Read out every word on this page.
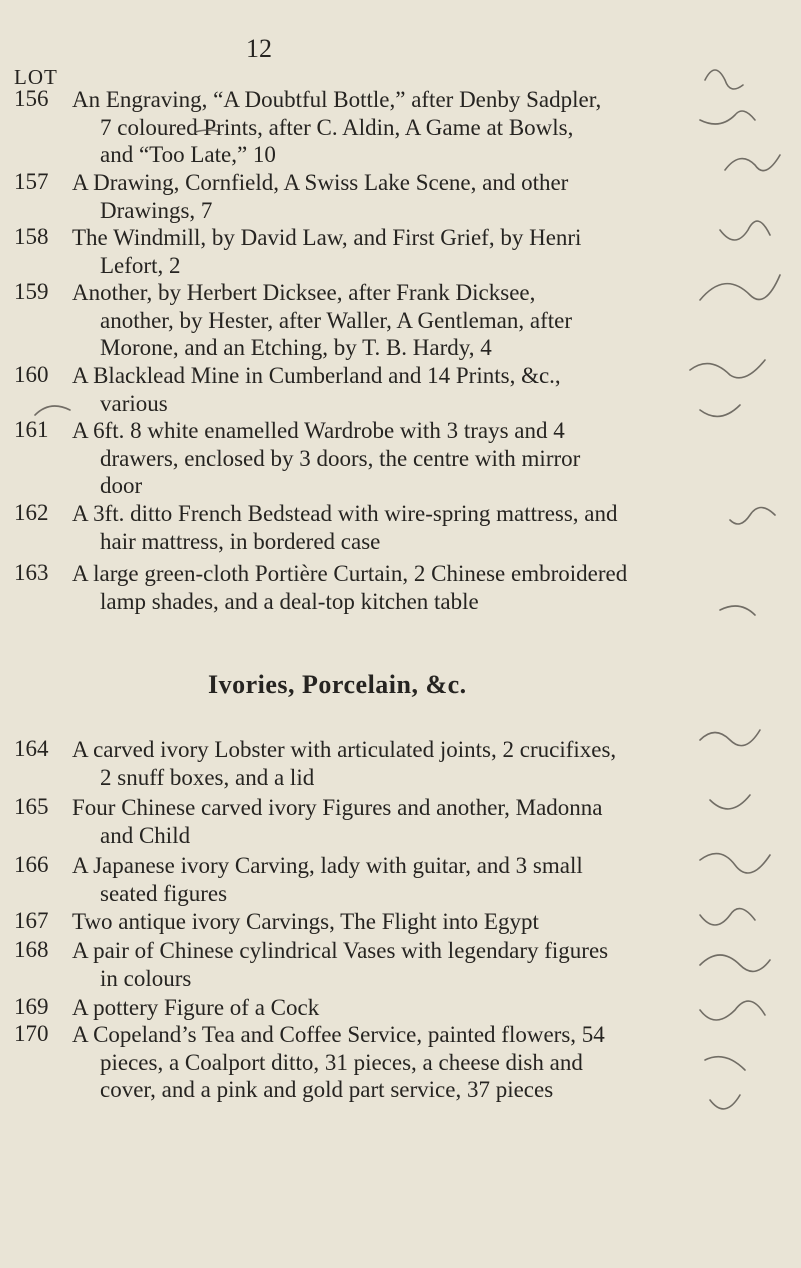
12
LOT
156 An Engraving, “A Doubtful Bottle,” after Denby Sadpler,
7 coloured Prints, after C. Aldin, A Game at Bowls,
and “Too Late,” 10

157 A Drawing, Cornfield, A Swiss Lake Scene, and other
Drawings, 7

158 The Windmill, by David Law, and First Grief, by Henri
Lefort, 2

159 Another, by Herbert Dicksee, after Frank Dicksee,
another, by Hester, after Waller, A Gentleman, after
Morone, and an Etching, by T. B. Hardy, 4

160 A Blacklead Mine in Cumberland and 14 Prints, &c.,
various

161 A 6ft. 8 white enamelled Wardrobe with 3 trays and 4
drawers, enclosed by 3 doors, the centre with mirror
door

162 A 3ft. ditto French Bedstead with wire-spring mattress, and
hair mattress, in bordered case

163 A large green-cloth Portière Curtain, 2 Chinese embroidered
lamp shades, and a deal-top kitchen table

Ivories, Porcelain, &c.
164 A carved ivory Lobster with articulated joints, 2 crucifixes,
2 snuff boxes, and a lid

165 Four Chinese carved ivory Figures and another, Madonna
and Child

166 A Japanese ivory Carving, lady with guitar, and 3 small
seated figures

167 Two antique ivory Carvings, The Flight into Egypt

168 A pair of Chinese cylindrical Vases with legendary figures
in colours

169 A pottery Figure of a Cock

170 A Copeland’s Tea and Coffee Service, painted flowers, 54
pieces, a Coalport ditto, 31 pieces, a cheese dish and
cover, and a pink and gold part service, 37 pieces
